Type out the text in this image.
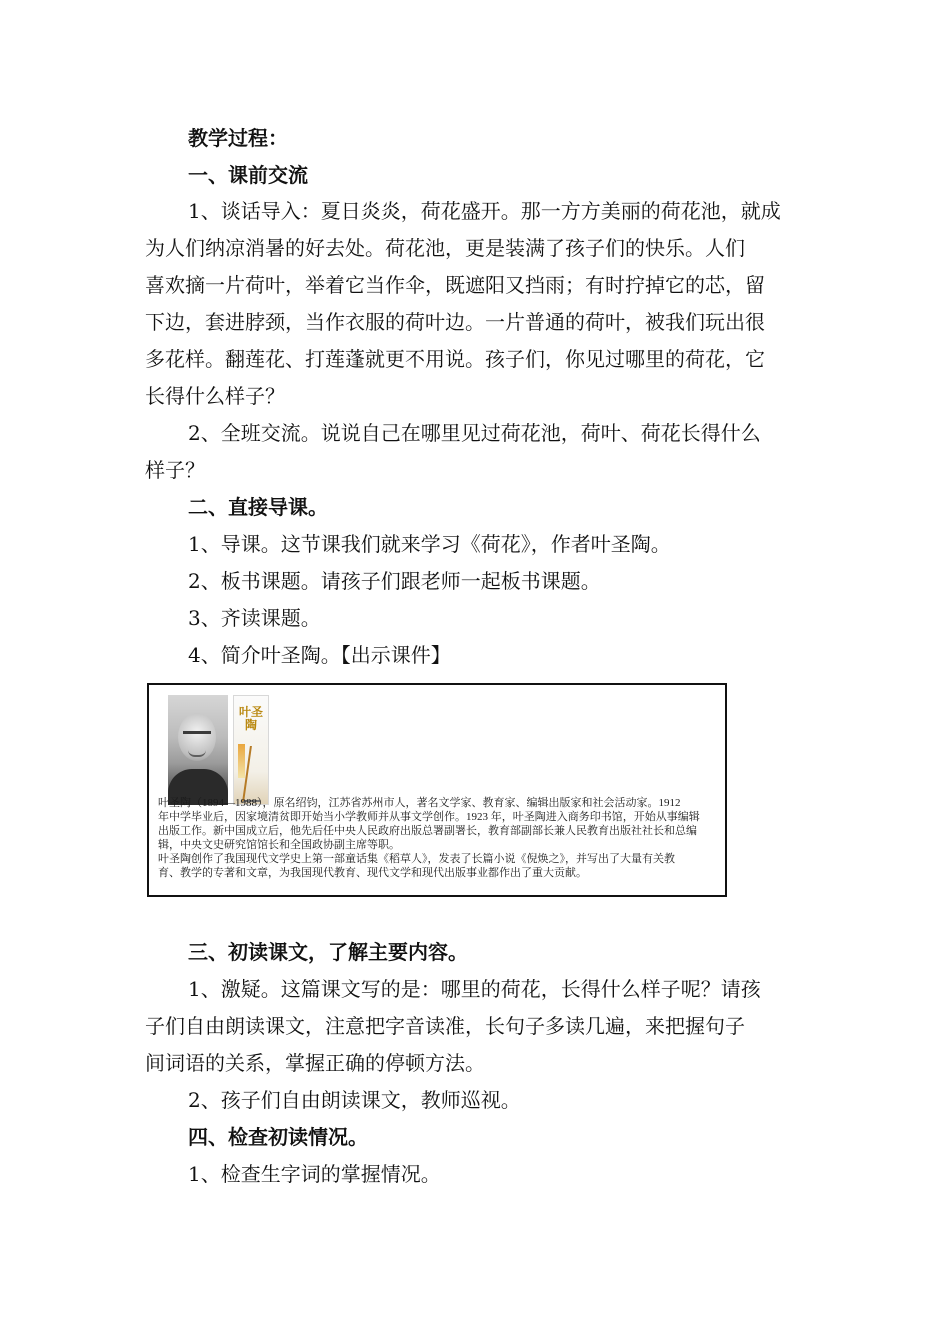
教学过程：
一、课前交流
1、谈话导入：夏日炎炎，荷花盛开。那一方方美丽的荷花池，就成
为人们纳凉消暑的好去处。荷花池，更是装满了孩子们的快乐。人们
喜欢摘一片荷叶，举着它当作伞，既遮阳又挡雨；有时拧掉它的芯，留
下边，套进脖颈，当作衣服的荷叶边。一片普通的荷叶，被我们玩出很
多花样。翻莲花、打莲蓬就更不用说。孩子们，你见过哪里的荷花，它
长得什么样子？
2、全班交流。说说自己在哪里见过荷花池，荷叶、荷花长得什么
样子？
二、直接导课。
1、导课。这节课我们就来学习《荷花》，作者叶圣陶。
2、板书课题。请孩子们跟老师一起板书课题。
3、齐读课题。
4、简介叶圣陶。【出示课件】
三、初读课文，了解主要内容。
1、激疑。这篇课文写的是：哪里的荷花，长得什么样子呢？请孩
子们自由朗读课文，注意把字音读准，长句子多读几遍，来把握句子
间词语的关系，掌握正确的停顿方法。
2、孩子们自由朗读课文，教师巡视。
四、检查初读情况。
1、检查生字词的掌握情况。
叶圣陶
叶圣陶（1894—1988），原名绍钧，江苏省苏州市人，著名文学家、教育家、编辑出版家和社会活动家。1912
年中学毕业后，因家境清贫即开始当小学教师并从事文学创作。1923 年，叶圣陶进入商务印书馆，开始从事编辑
出版工作。新中国成立后，他先后任中央人民政府出版总署副署长，教育部副部长兼人民教育出版社社长和总编
辑，中央文史研究馆馆长和全国政协副主席等职。
叶圣陶创作了我国现代文学史上第一部童话集《稻草人》，发表了长篇小说《倪焕之》，并写出了大量有关教
育、教学的专著和文章，为我国现代教育、现代文学和现代出版事业都作出了重大贡献。
